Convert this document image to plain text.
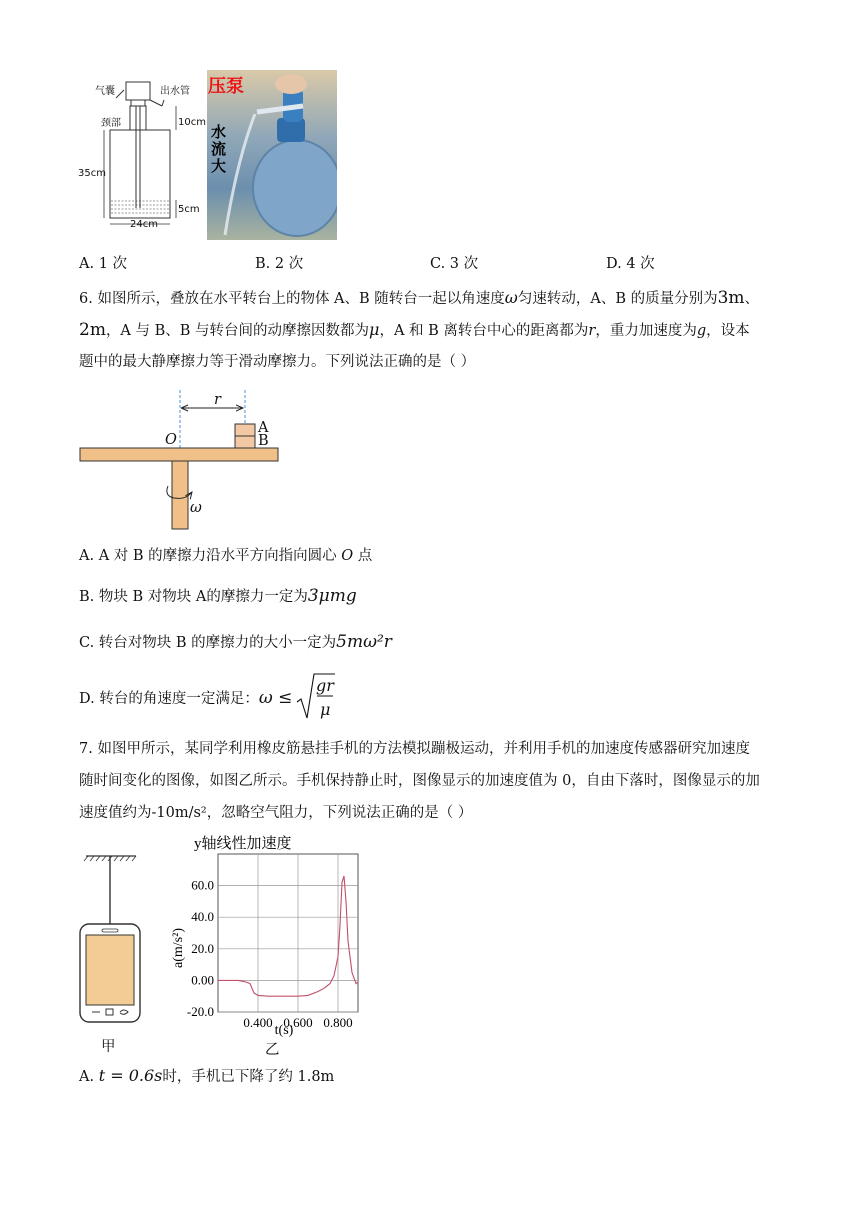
气囊	出水管
颈部	10cm
35cm
5cm
24cm
压泵
水流大
A. 1 次	B. 2 次	C. 3 次	D. 4 次
6. 如图所示，叠放在水平转台上的物体 A、B 随转台一起以角速度ω匀速转动，A、B 的质量分别为3m、
2m，A 与 B、B 与转台间的动摩擦因数都为μ，A 和 B 离转台中心的距离都为r，重力加速度为g，设本
题中的最大静摩擦力等于滑动摩擦力。下列说法正确的是（ ）
r
O
A
B
ω
A. A 对 B 的摩擦力沿水平方向指向圆心 O 点
B. 物块 B 对物块 A的摩擦力一定为3μmg
C. 转台对物块 B 的摩擦力的大小一定为5mω²r
D. 转台的角速度一定满足：ω ≤
gr
μ
7. 如图甲所示，某同学利用橡皮筋悬挂手机的方法模拟蹦极运动，并利用手机的加速度传感器研究加速度
随时间变化的图像，如图乙所示。手机保持静止时，图像显示的加速度值为 0，自由下落时，图像显示的加
速度值约为-10m/s²，忽略空气阻力，下列说法正确的是（ ）
甲
y轴线性加速度
60.0
40.0
20.0
0.00
-20.0
0.400 0.600 0.800
a(m/s²)
t(s)
乙
A. t = 0.6s时，手机已下降了约 1.8m
